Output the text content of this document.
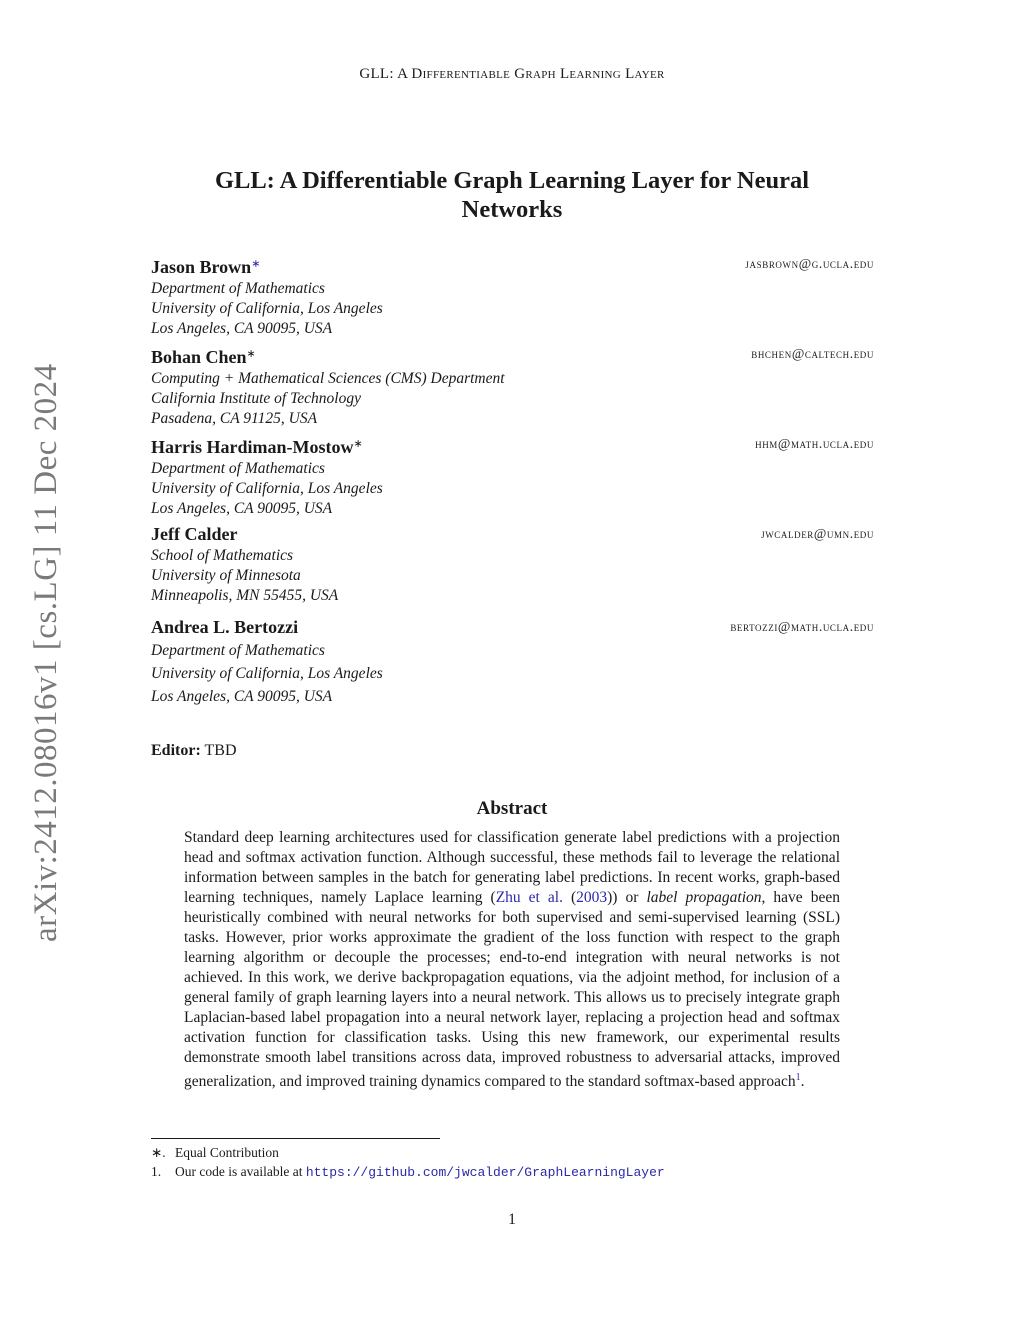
GLL: A Differentiable Graph Learning Layer
arXiv:2412.08016v1 [cs.LG] 11 Dec 2024
GLL: A Differentiable Graph Learning Layer for Neural
Networks
Jason Brown∗	jasbrown@g.ucla.edu
Department of Mathematics
University of California, Los Angeles
Los Angeles, CA 90095, USA
Bohan Chen∗	bhchen@caltech.edu
Computing + Mathematical Sciences (CMS) Department
California Institute of Technology
Pasadena, CA 91125, USA
Harris Hardiman-Mostow∗	hhm@math.ucla.edu
Department of Mathematics
University of California, Los Angeles
Los Angeles, CA 90095, USA
Jeff Calder	jwcalder@umn.edu
School of Mathematics
University of Minnesota
Minneapolis, MN 55455, USA
Andrea L. Bertozzi	bertozzi@math.ucla.edu
Department of Mathematics
University of California, Los Angeles
Los Angeles, CA 90095, USA
Editor: TBD
Abstract
Standard deep learning architectures used for classification generate label predictions with a projection head and softmax activation function. Although successful, these methods fail to leverage the relational information between samples in the batch for generating label predictions. In recent works, graph-based learning techniques, namely Laplace learning (Zhu et al. (2003)) or label propagation, have been heuristically combined with neural networks for both supervised and semi-supervised learning (SSL) tasks. However, prior works approximate the gradient of the loss function with respect to the graph learning algorithm or decouple the processes; end-to-end integration with neural networks is not achieved. In this work, we derive backpropagation equations, via the adjoint method, for inclusion of a general family of graph learning layers into a neural network. This allows us to precisely integrate graph Laplacian-based label propagation into a neural network layer, replacing a projection head and softmax activation function for classification tasks. Using this new framework, our experimental results demonstrate smooth label transitions across data, improved robustness to adversarial attacks, improved generalization, and improved training dynamics compared to the standard softmax-based approach$^1$.
∗. Equal Contribution
1. Our code is available at https://github.com/jwcalder/GraphLearningLayer
1
